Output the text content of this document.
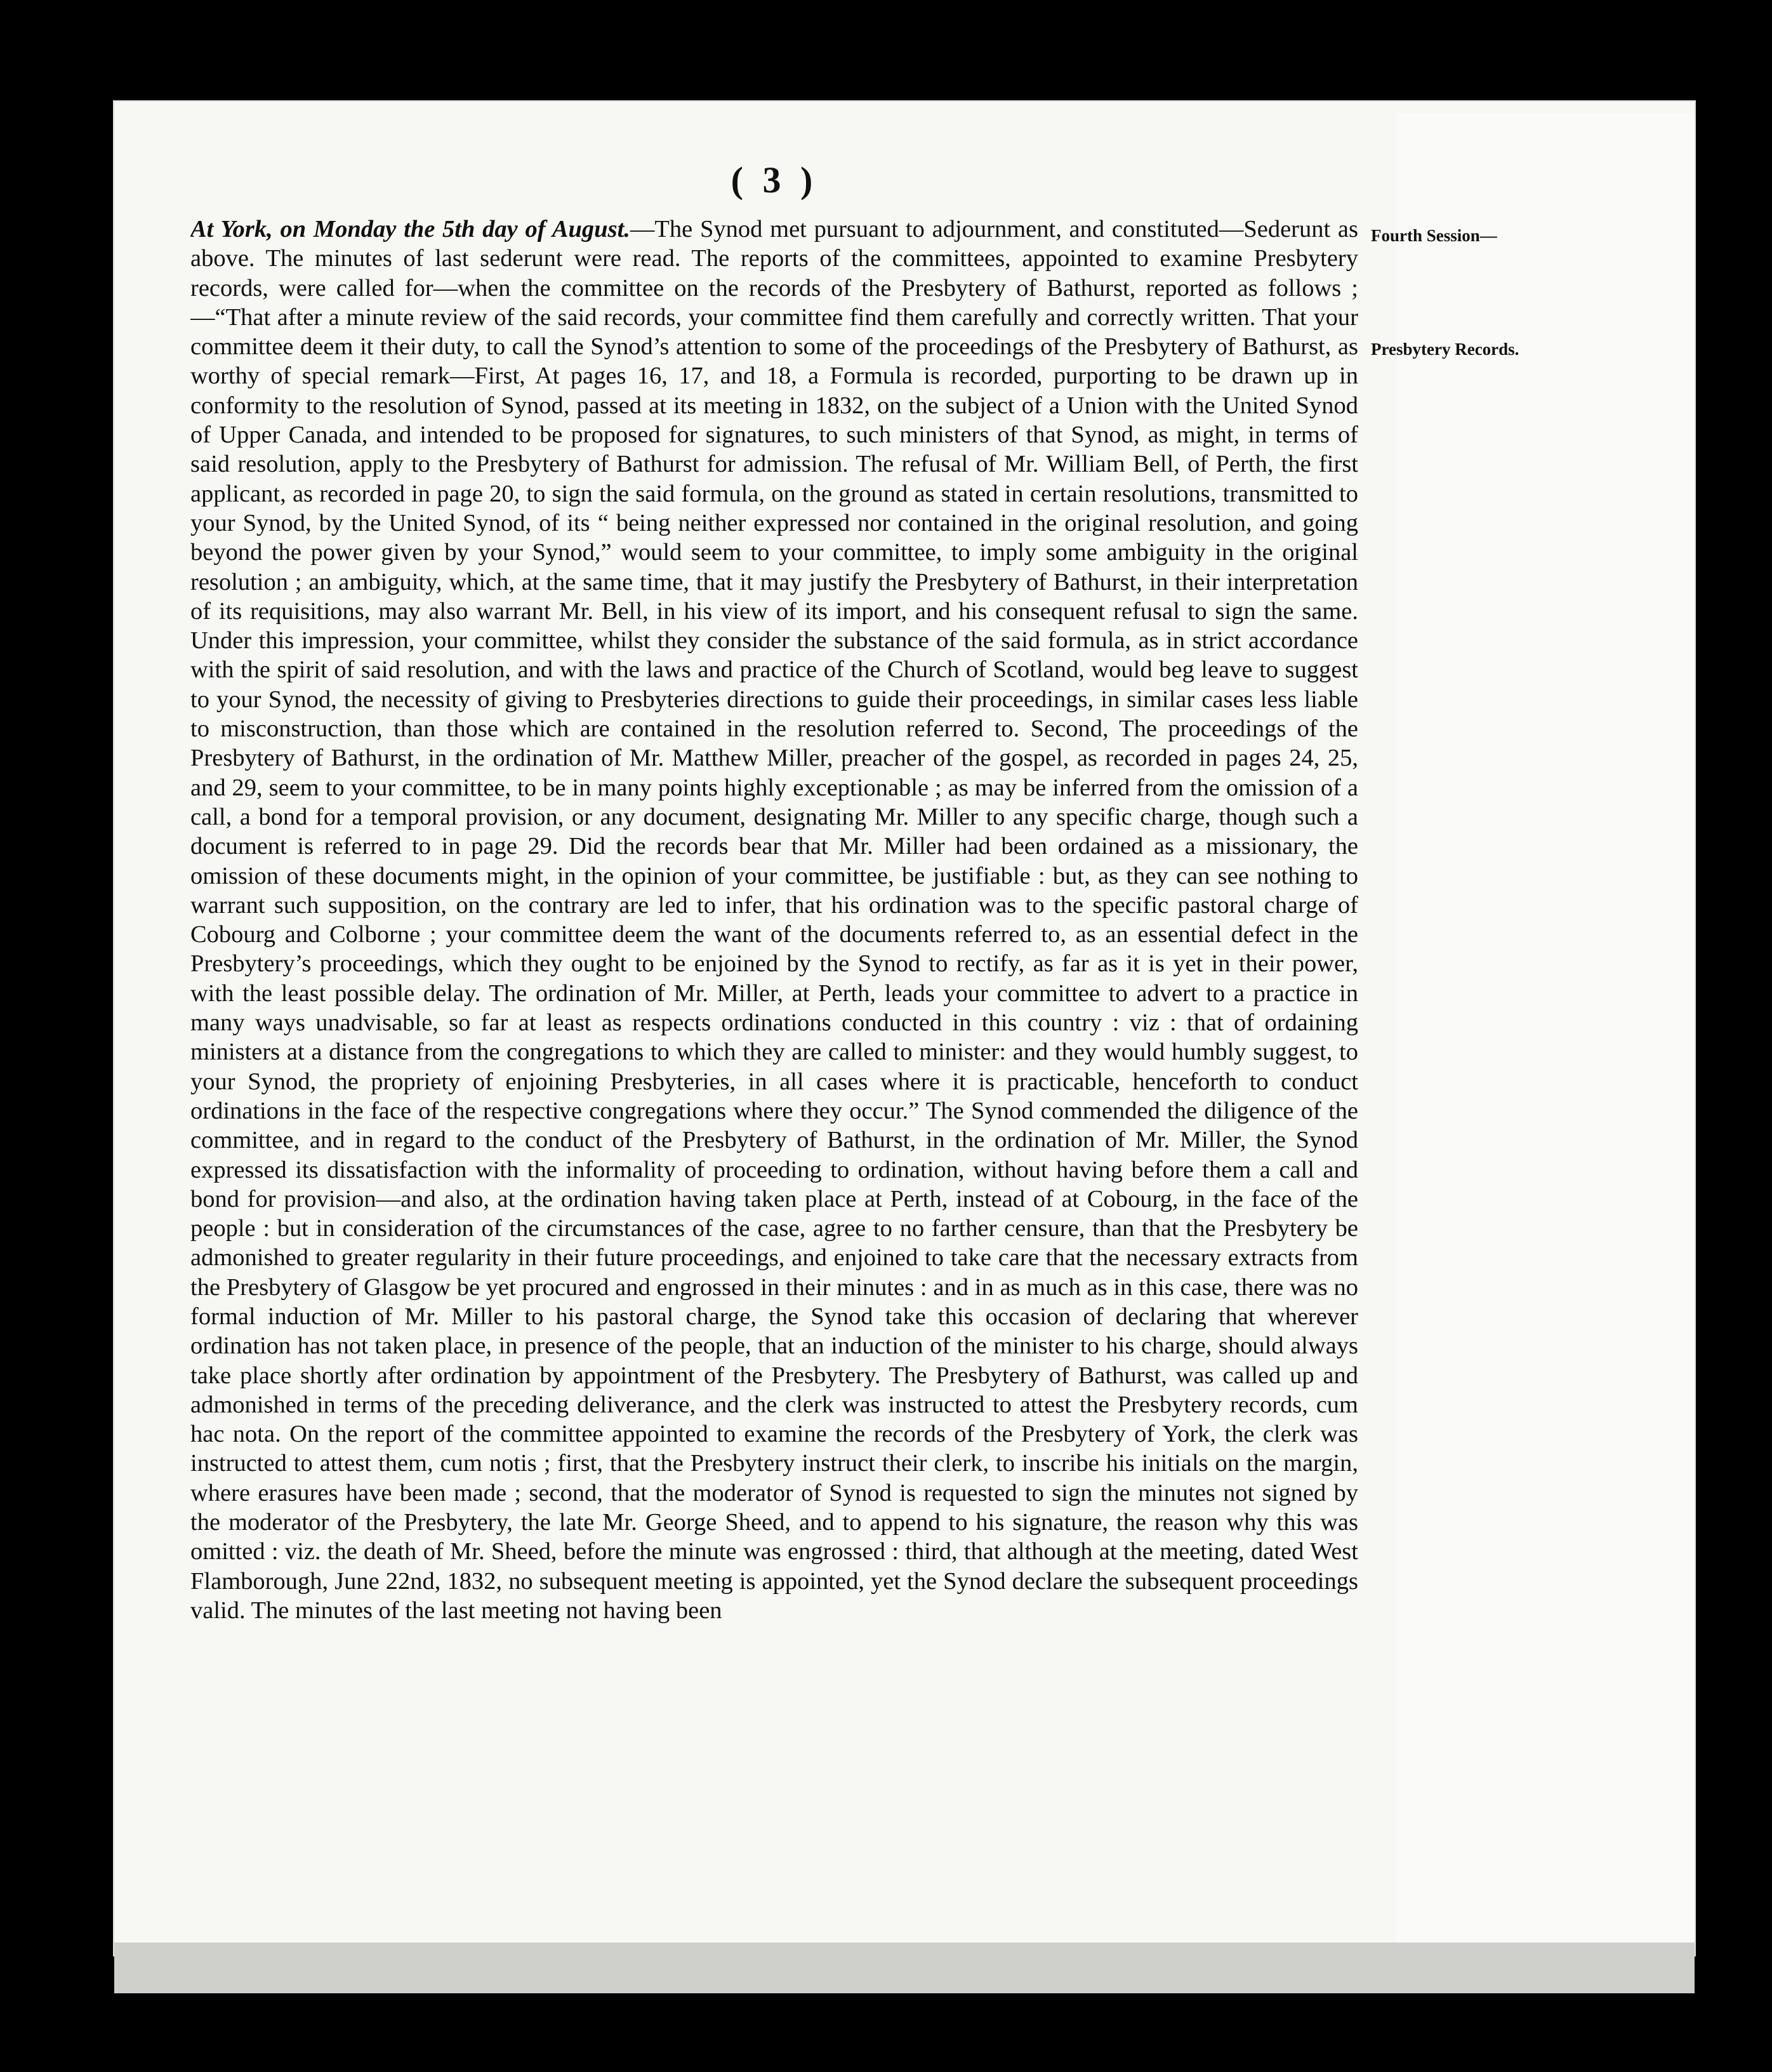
( 3 )
Fourth Session—
Presbytery Records.

At York, on Monday the 5th day of August.—The Synod met pursuant to adjournment, and constituted—Sederunt as above. The minutes of last sederunt were read. The reports of the committees, appointed to examine Presbytery records, were called for—when the committee on the records of the Presbytery of Bathurst, reported as follows ;—“That after a minute review of the said records, your committee find them carefully and correctly written. That your committee deem it their duty, to call the Synod’s attention to some of the proceedings of the Presbytery of Bathurst, as worthy of special remark—First, At pages 16, 17, and 18, a Formula is recorded, purporting to be drawn up in conformity to the resolution of Synod, passed at its meeting in 1832, on the subject of a Union with the United Synod of Upper Canada, and intended to be proposed for signatures, to such ministers of that Synod, as might, in terms of said resolution, apply to the Presbytery of Bathurst for admission. The refusal of Mr. William Bell, of Perth, the first applicant, as recorded in page 20, to sign the said formula, on the ground as stated in certain resolutions, transmitted to your Synod, by the United Synod, of its “ being neither expressed nor contained in the original resolution, and going beyond the power given by your Synod,” would seem to your committee, to imply some ambiguity in the original resolution ; an ambiguity, which, at the same time, that it may justify the Presbytery of Bathurst, in their interpretation of its requisitions, may also warrant Mr. Bell, in his view of its import, and his consequent refusal to sign the same. Under this impression, your committee, whilst they consider the substance of the said formula, as in strict accordance with the spirit of said resolution, and with the laws and practice of the Church of Scotland, would beg leave to suggest to your Synod, the necessity of giving to Presbyteries directions to guide their proceedings, in similar cases less liable to misconstruction, than those which are contained in the resolution referred to. Second, The proceedings of the Presbytery of Bathurst, in the ordination of Mr. Matthew Miller, preacher of the gospel, as recorded in pages 24, 25, and 29, seem to your committee, to be in many points highly exceptionable ; as may be inferred from the omission of a call, a bond for a temporal provision, or any document, designating Mr. Miller to any specific charge, though such a document is referred to in page 29. Did the records bear that Mr. Miller had been ordained as a missionary, the omission of these documents might, in the opinion of your committee, be justifiable : but, as they can see nothing to warrant such supposition, on the contrary are led to infer, that his ordination was to the specific pastoral charge of Cobourg and Colborne ; your committee deem the want of the documents referred to, as an essential defect in the Presbytery’s proceedings, which they ought to be enjoined by the Synod to rectify, as far as it is yet in their power, with the least possible delay. The ordination of Mr. Miller, at Perth, leads your committee to advert to a practice in many ways unadvisable, so far at least as respects ordinations conducted in this country : viz : that of ordaining ministers at a distance from the congregations to which they are called to minister: and they would humbly suggest, to your Synod, the propriety of enjoining Presbyteries, in all cases where it is practicable, henceforth to conduct ordinations in the face of the respective congregations where they occur.” The Synod commended the diligence of the committee, and in regard to the conduct of the Presbytery of Bathurst, in the ordination of Mr. Miller, the Synod expressed its dissatisfaction with the informality of proceeding to ordination, without having before them a call and bond for provision—and also, at the ordination having taken place at Perth, instead of at Cobourg, in the face of the people : but in consideration of the circumstances of the case, agree to no farther censure, than that the Presbytery be admonished to greater regularity in their future proceedings, and enjoined to take care that the necessary extracts from the Presbytery of Glasgow be yet procured and engrossed in their minutes : and in as much as in this case, there was no formal induction of Mr. Miller to his pastoral charge, the Synod take this occasion of declaring that wherever ordination has not taken place, in presence of the people, that an induction of the minister to his charge, should always take place shortly after ordination by appointment of the Presbytery. The Presbytery of Bathurst, was called up and admonished in terms of the preceding deliverance, and the clerk was instructed to attest the Presbytery records, cum hac nota. On the report of the committee appointed to examine the records of the Presbytery of York, the clerk was instructed to attest them, cum notis ; first, that the Presbytery instruct their clerk, to inscribe his initials on the margin, where erasures have been made ; second, that the moderator of Synod is requested to sign the minutes not signed by the moderator of the Presbytery, the late Mr. George Sheed, and to append to his signature, the reason why this was omitted : viz. the death of Mr. Sheed, before the minute was engrossed : third, that although at the meeting, dated West Flamborough, June 22nd, 1832, no subsequent meeting is appointed, yet the Synod declare the subsequent proceedings valid. The minutes of the last meeting not having been
